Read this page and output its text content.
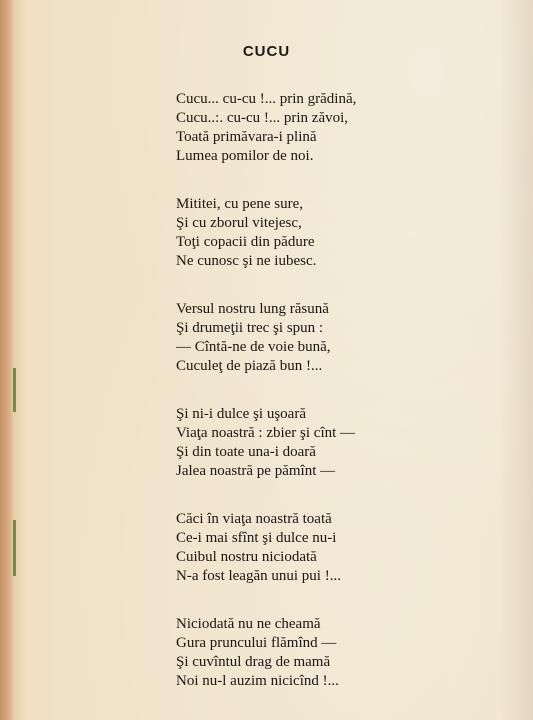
CUCU

Cucu... cu-cu !... prin grădină,
Cucu..:. cu-cu !... prin zăvoi,
Toată primăvara-i plină
Lumea pomilor de noi.

Mititei, cu pene sure,
Şi cu zborul vitejesc,
Toţi copacii din pădure
Ne cunosc şi ne iubesc.

Versul nostru lung răsună
Şi drumeţii trec şi spun :
— Cîntă-ne de voie bună,
Cuculeţ de piază bun !...

Şi ni-i dulce şi uşoară
Viaţa noastră : zbier şi cînt —
Şi din toate una-i doară
Jalea noastră pe pămînt —

Căci în viaţa noastră toată
Ce-i mai sfînt şi dulce nu-i
Cuibul nostru niciodată
N-a fost leagăn unui pui !...

Niciodată nu ne cheamă
Gura pruncului flămînd —
Şi cuvîntul drag de mamă
Noi nu-l auzim nicicînd !...
